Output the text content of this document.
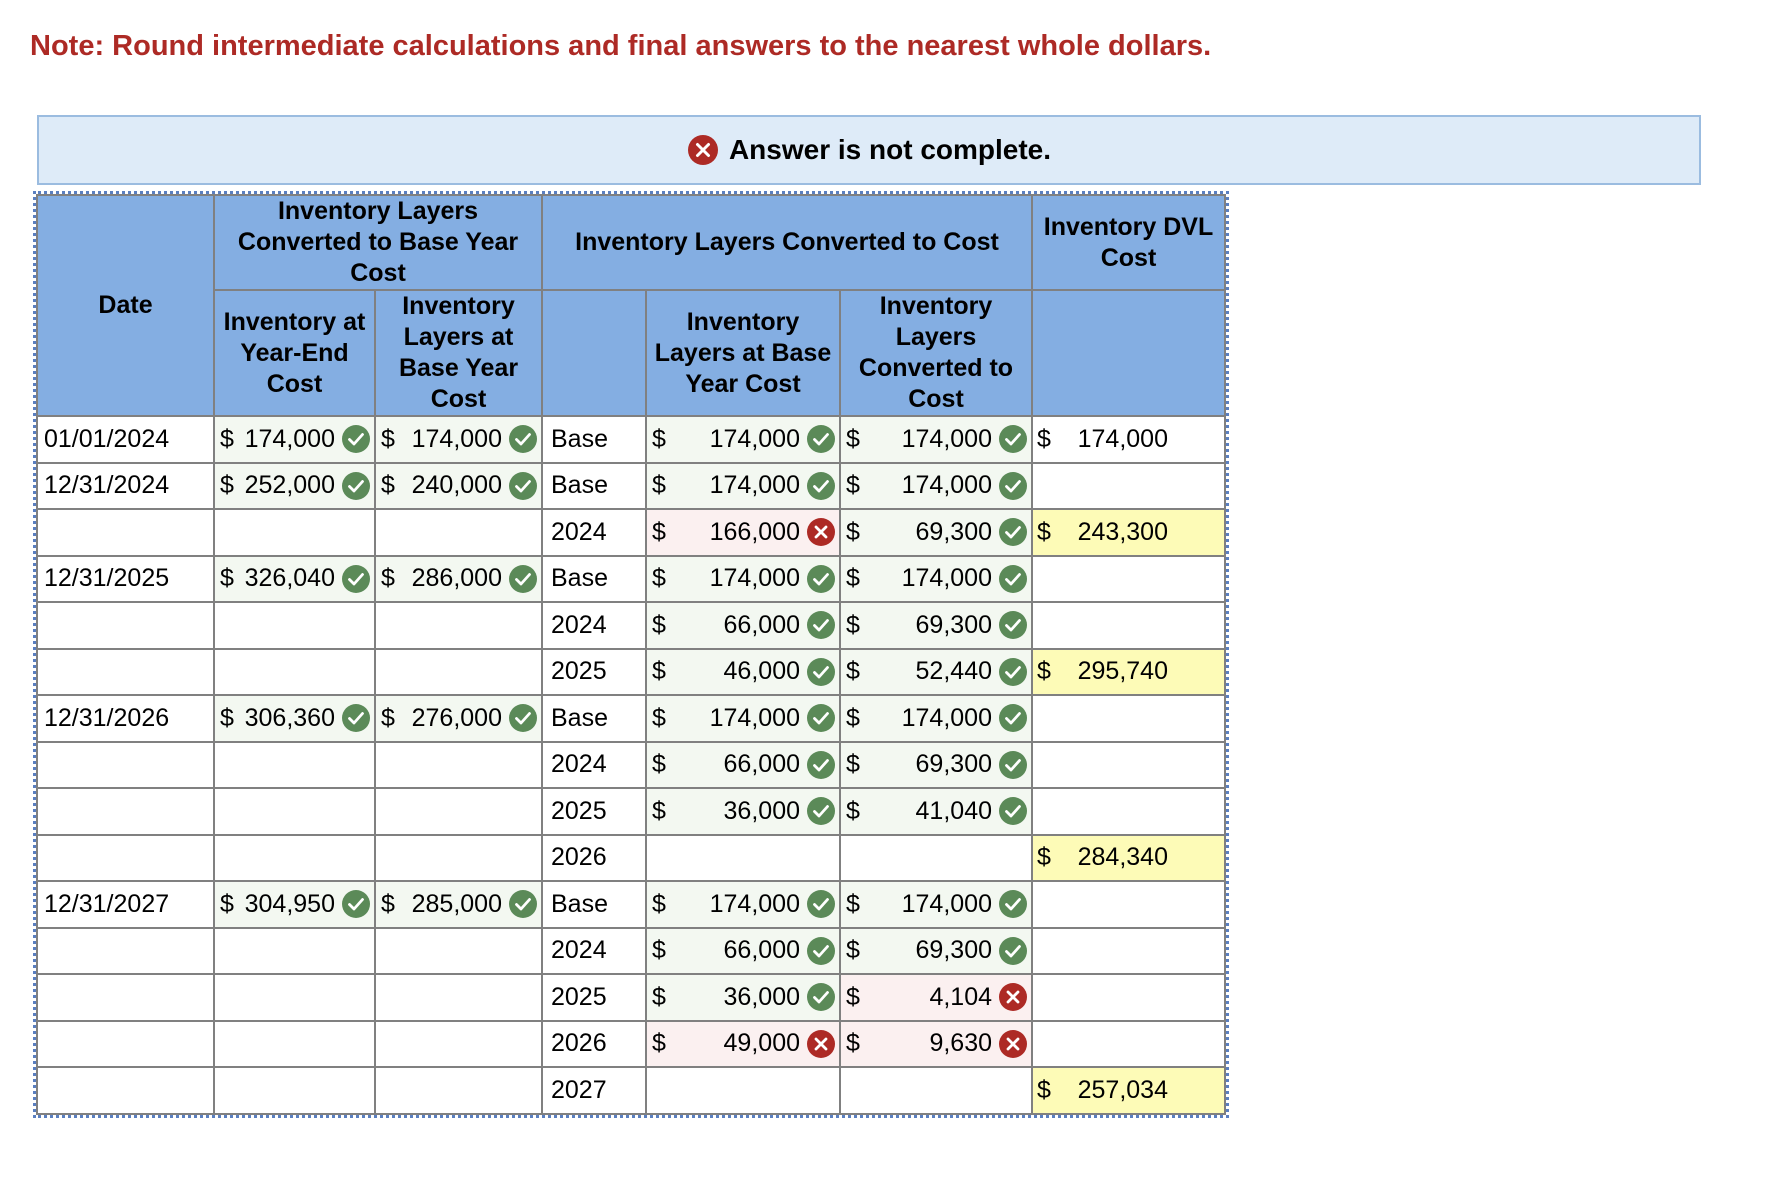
Note: Round intermediate calculations and final answers to the nearest whole dollars.
Answer is not complete.
Date	Inventory Layers Converted to Base Year Cost		Inventory Layers Converted to Cost			Inventory DVL Cost
	Inventory at Year-End Cost	Inventory Layers at Base Year Cost		Inventory Layers at Base Year Cost	Inventory Layers Converted to Cost	
01/01/2024	$ 174,000	$ 174,000	Base	$ 174,000	$ 174,000	$ 174,000

12/31/2024	$ 252,000	$ 240,000	Base	$ 174,000	$ 174,000	

			2024	$ 166,000	$ 69,300	$ 243,300

12/31/2025	$ 326,040	$ 286,000	Base	$ 174,000	$ 174,000	

			2024	$ 66,000	$ 69,300	

			2025	$ 46,000	$ 52,440	$ 295,740

12/31/2026	$ 306,360	$ 276,000	Base	$ 174,000	$ 174,000	

			2024	$ 66,000	$ 69,300	

			2025	$ 36,000	$ 41,040	

			2026			$ 284,340

12/31/2027	$ 304,950	$ 285,000	Base	$ 174,000	$ 174,000	

			2024	$ 66,000	$ 69,300	

			2025	$ 36,000	$ 4,104	

			2026	$ 49,000	$ 9,630	

			2027			$ 257,034
